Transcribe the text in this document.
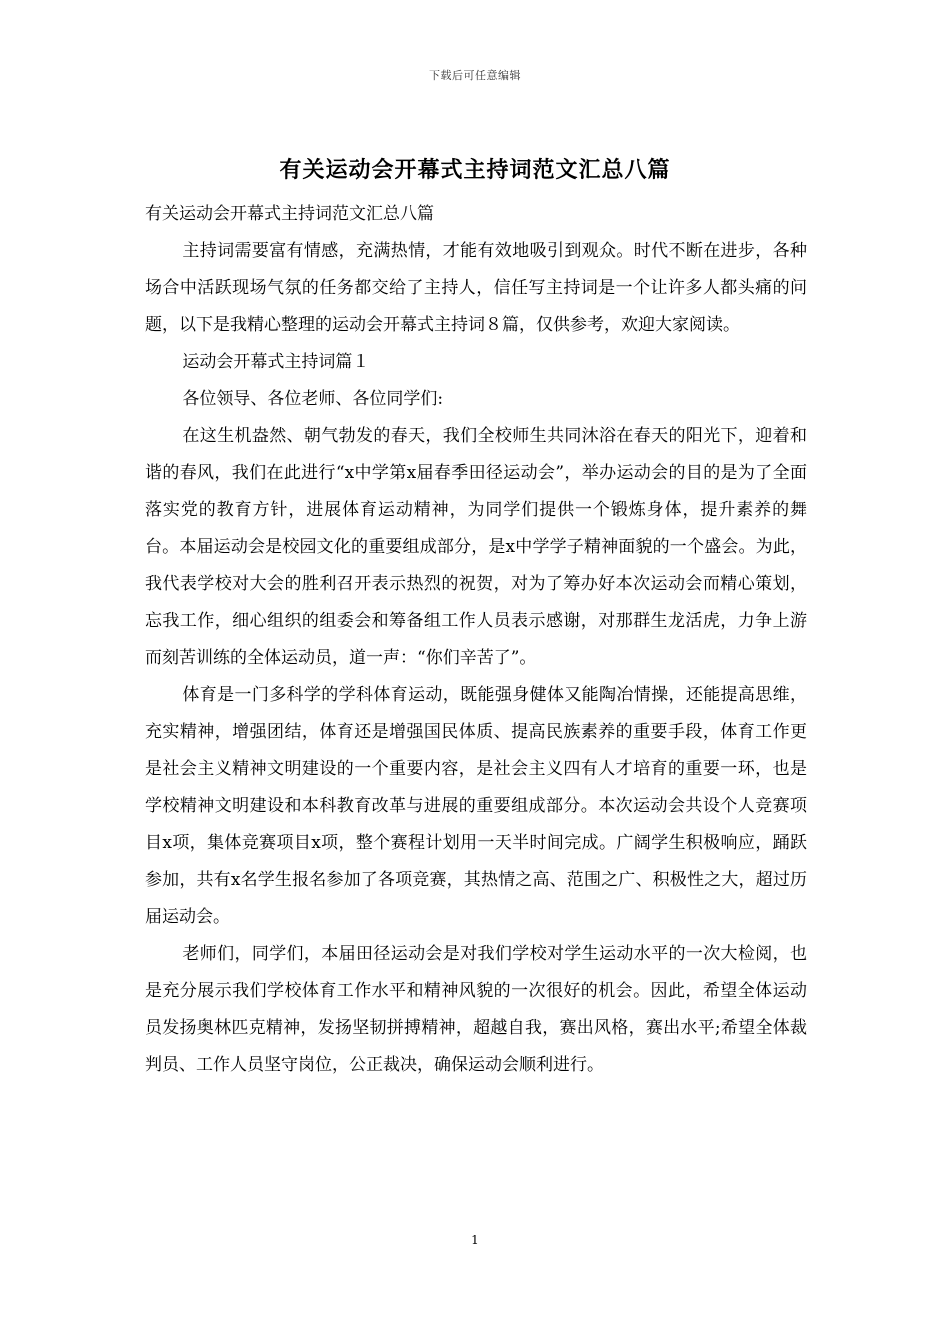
下载后可任意编辑
有关运动会开幕式主持词范文汇总八篇

有关运动会开幕式主持词范文汇总八篇

主持词需要富有情感，充满热情，才能有效地吸引到观众。时代不断在进步，各种场合中活跃现场气氛的任务都交给了主持人，信任写主持词是一个让许多人都头痛的问题，以下是我精心整理的运动会开幕式主持词８篇，仅供参考，欢迎大家阅读。

运动会开幕式主持词篇１

各位领导、各位老师、各位同学们:

在这生机盎然、朝气勃发的春天，我们全校师生共同沐浴在春天的阳光下，迎着和谐的春风，我们在此进行“x中学第x届春季田径运动会”，举办运动会的目的是为了全面落实党的教育方针，进展体育运动精神，为同学们提供一个锻炼身体，提升素养的舞台。本届运动会是校园文化的重要组成部分，是x中学学子精神面貌的一个盛会。为此，我代表学校对大会的胜利召开表示热烈的祝贺，对为了筹办好本次运动会而精心策划，忘我工作，细心组织的组委会和筹备组工作人员表示感谢，对那群生龙活虎，力争上游而刻苦训练的全体运动员，道一声：“你们辛苦了”。

体育是一门多科学的学科体育运动，既能强身健体又能陶冶情操，还能提高思维，充实精神，增强团结，体育还是增强国民体质、提高民族素养的重要手段，体育工作更是社会主义精神文明建设的一个重要内容，是社会主义四有人才培育的重要一环，也是学校精神文明建设和本科教育改革与进展的重要组成部分。本次运动会共设个人竞赛项目x项，集体竞赛项目x项，整个赛程计划用一天半时间完成。广阔学生积极响应，踊跃参加，共有x名学生报名参加了各项竞赛，其热情之高、范围之广、积极性之大，超过历届运动会。

老师们，同学们，本届田径运动会是对我们学校对学生运动水平的一次大检阅，也是充分展示我们学校体育工作水平和精神风貌的一次很好的机会。因此，希望全体运动员发扬奥林匹克精神，发扬坚韧拼搏精神，超越自我，赛出风格，赛出水平;希望全体裁判员、工作人员坚守岗位，公正裁决，确保运动会顺利进行。

1
